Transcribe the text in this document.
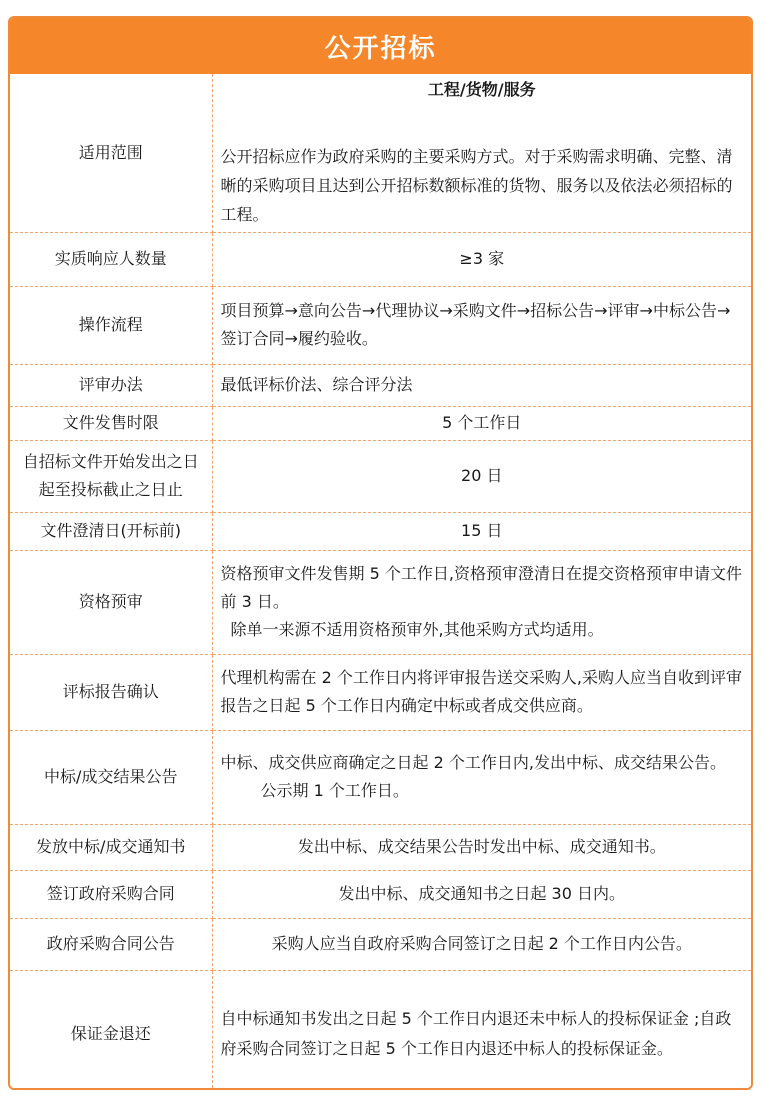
公开招标
适用范围	工程/货物/服务
公开招标应作为政府采购的主要采购方式。对于采购需求明确、完整、清晰的采购项目且达到公开招标数额标准的货物、服务以及依法必须招标的工程。

实质响应人数量	≥3 家
操作流程	项目预算→意向公告→代理协议→采购文件→招标公告→评审→中标公告→签订合同→履约验收。
评审办法	最低评标价法、综合评分法
文件发售时限	5 个工作日
自招标文件开始发出之日起至投标截止之日止	20 日
文件澄清日(开标前)	15 日
资格预审	资格预审文件发售期 5 个工作日,资格预审澄清日在提交资格预审申请文件前 3 日。
除单一来源不适用资格预审外,其他采购方式均适用。

评标报告确认	代理机构需在 2 个工作日内将评审报告送交采购人,采购人应当自收到评审报告之日起 5 个工作日内确定中标或者成交供应商。
中标/成交结果公告	中标、成交供应商确定之日起 2 个工作日内,发出中标、成交结果公告。公示期 1 个工作日。
发放中标/成交通知书	发出中标、成交结果公告时发出中标、成交通知书。
签订政府采购合同	发出中标、成交通知书之日起 30 日内。
政府采购合同公告	采购人应当自政府采购合同签订之日起 2 个工作日内公告。
保证金退还	自中标通知书发出之日起 5 个工作日内退还未中标人的投标保证金 ;自政府采购合同签订之日起 5 个工作日内退还中标人的投标保证金。
